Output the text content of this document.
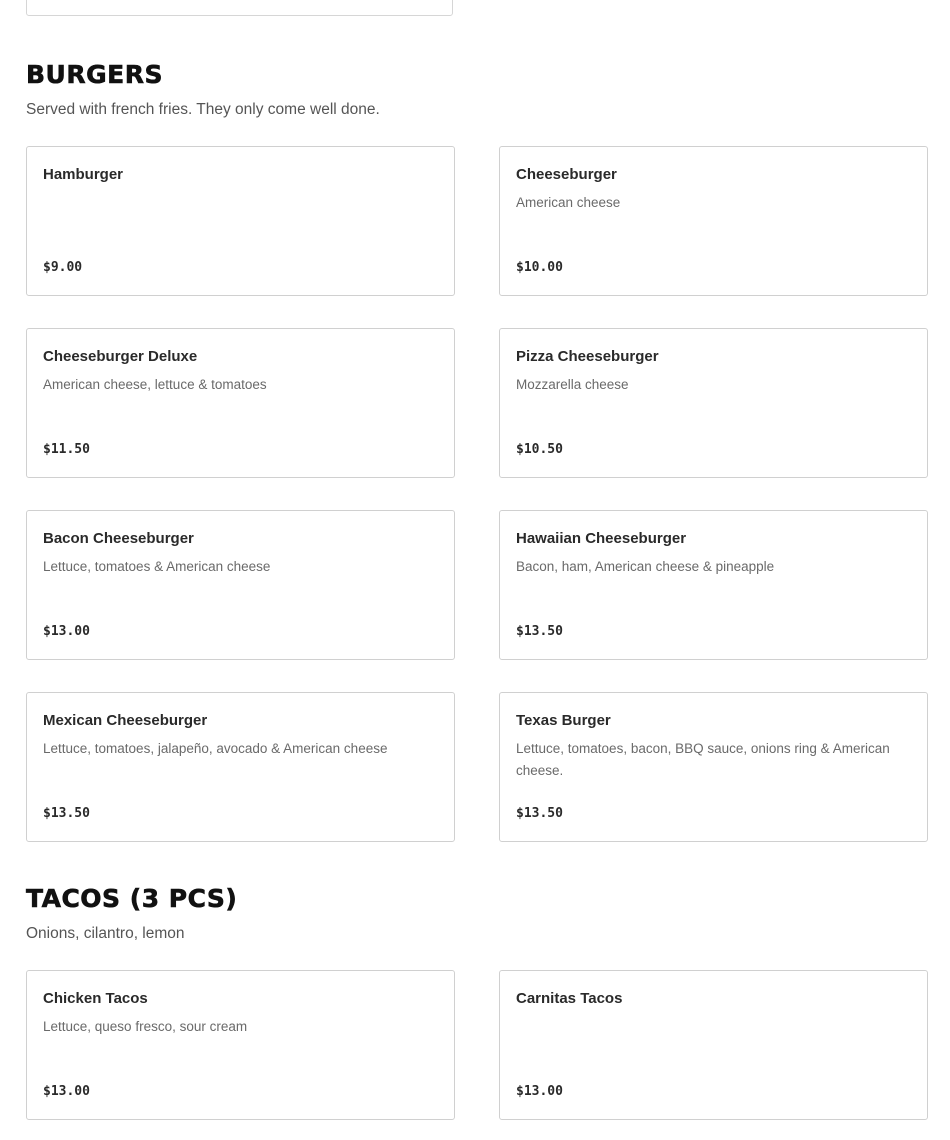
BURGERS

Served with french fries. They only come well done.

Hamburger
$9.00
Cheeseburger
American cheese
$10.00
Cheeseburger Deluxe
American cheese, lettuce & tomatoes
$11.50
Pizza Cheeseburger
Mozzarella cheese
$10.50
Bacon Cheeseburger
Lettuce, tomatoes & American cheese
$13.00
Hawaiian Cheeseburger
Bacon, ham, American cheese & pineapple
$13.50
Mexican Cheeseburger
Lettuce, tomatoes, jalapeño, avocado & American cheese
$13.50
Texas Burger
Lettuce, tomatoes, bacon, BBQ sauce, onions ring & American cheese.
$13.50
TACOS (3 PCS)

Onions, cilantro, lemon

Chicken Tacos
Lettuce, queso fresco, sour cream
$13.00
Carnitas Tacos
$13.00
